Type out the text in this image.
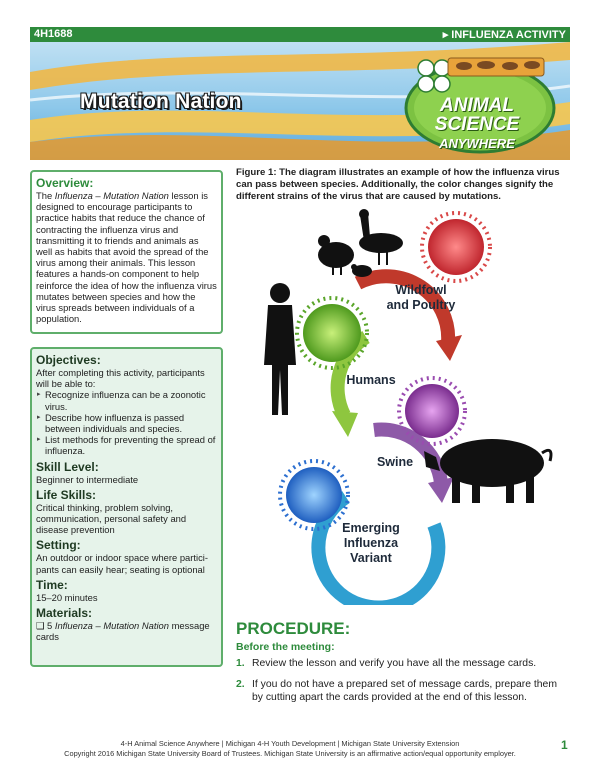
4H1688	▸ INFLUENZA ACTIVITY
Mutation Nation	ANIMAL
SCIENCE
ANYWHERE

Overview:

The Influenza – Mutation Nation lesson is designed to encourage participants to practice habits that reduce the chance of contracting the influenza virus and transmitting it to friends and animals as well as habits that avoid the spread of the virus among their animals. This lesson features a hands-on component to help reinforce the idea of how the influenza virus mutates between species and how the virus spreads between individuals of a population.

Objectives:

After completing this activity, participants will be able to:

▸ Recognize influenza can be a zoonotic virus.
▸ Describe how influenza is passed between individuals and species.
▸ List methods for preventing the spread of influenza.

Skill Level:

Beginner to intermediate

Life Skills:

Critical thinking, problem solving, communication, personal safety and disease prevention

Setting:

An outdoor or indoor space where partici-pants can easily hear; seating is optional

Time:

15–20 minutes

Materials:

❑ 5 Influenza – Mutation Nation message cards

Figure 1: The diagram illustrates an example of how the influenza virus can pass between species. Additionally, the color changes signify the different strains of the virus that are caused by mutations.
Wildfowl
and Poultry
Humans
Swine
Emerging
Influenza
Variant
PROCEDURE:
Before the meeting:
1. Review the lesson and verify you have all the message cards.
2. If you do not have a prepared set of message cards, prepare them by cutting apart the cards provided at the end of this lesson.
4-H Animal Science Anywhere | Michigan 4-H Youth Development | Michigan State University Extension
Copyright 2016 Michigan State University Board of Trustees. Michigan State University is an affirmative action/equal opportunity employer.
1
